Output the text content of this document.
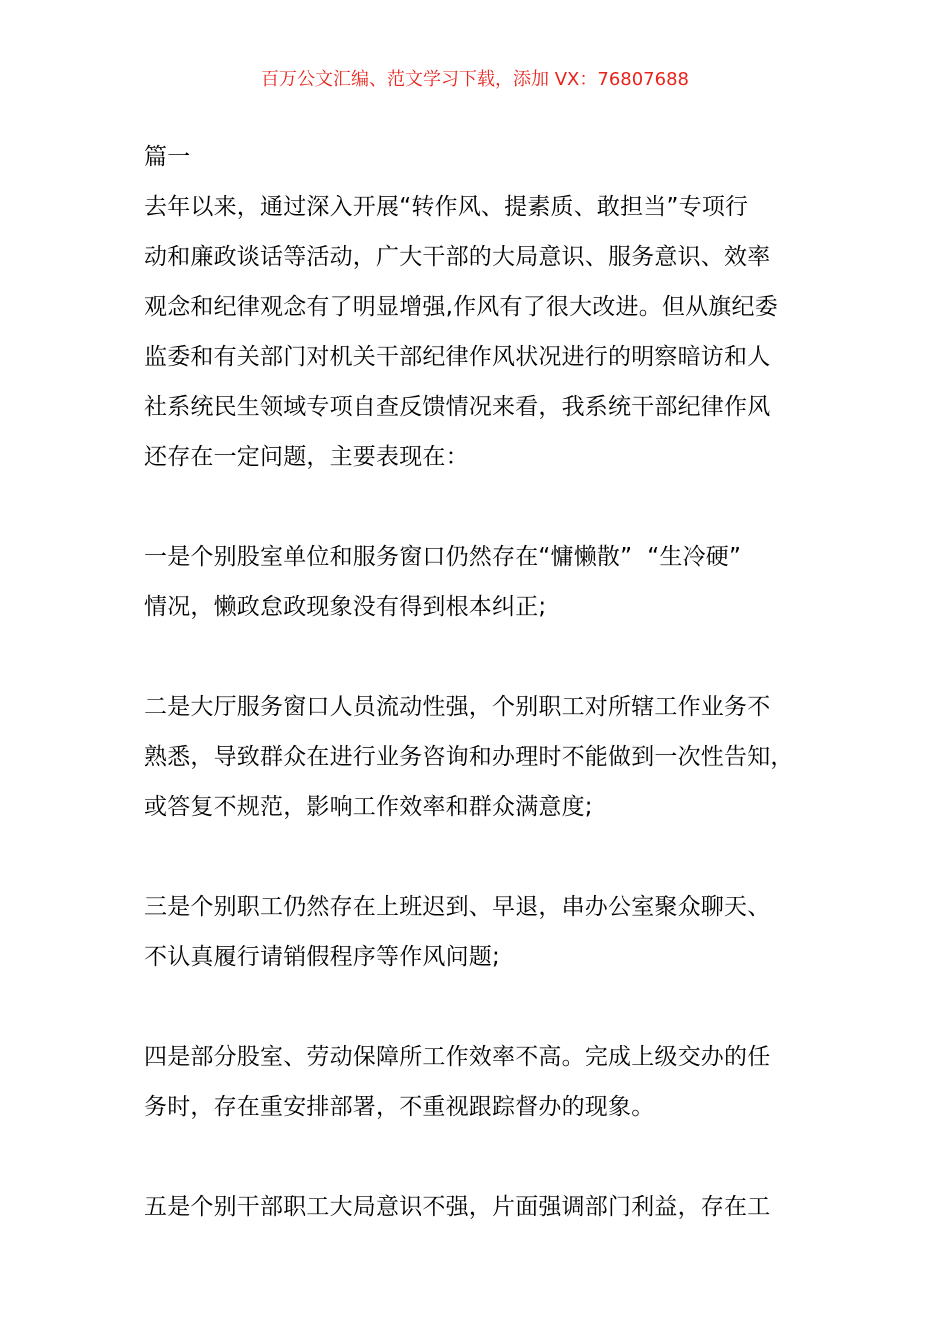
百万公文汇编、范文学习下载，添加 VX：76807688
篇一
去年以来，通过深入开展“转作风、提素质、敢担当”专项行
动和廉政谈话等活动，广大干部的大局意识、服务意识、效率
观念和纪律观念有了明显增强,作风有了很大改进。但从旗纪委
监委和有关部门对机关干部纪律作风状况进行的明察暗访和人
社系统民生领域专项自查反馈情况来看，我系统干部纪律作风
还存在一定问题，主要表现在：
一是个别股室单位和服务窗口仍然存在“慵懒散”  “生冷硬”
情况，懒政怠政现象没有得到根本纠正;
二是大厅服务窗口人员流动性强，个别职工对所辖工作业务不
熟悉，导致群众在进行业务咨询和办理时不能做到一次性告知，
或答复不规范，影响工作效率和群众满意度;
三是个别职工仍然存在上班迟到、早退，串办公室聚众聊天、
不认真履行请销假程序等作风问题;
四是部分股室、劳动保障所工作效率不高。完成上级交办的任
务时，存在重安排部署，不重视跟踪督办的现象。
五是个别干部职工大局意识不强，片面强调部门利益，存在工
